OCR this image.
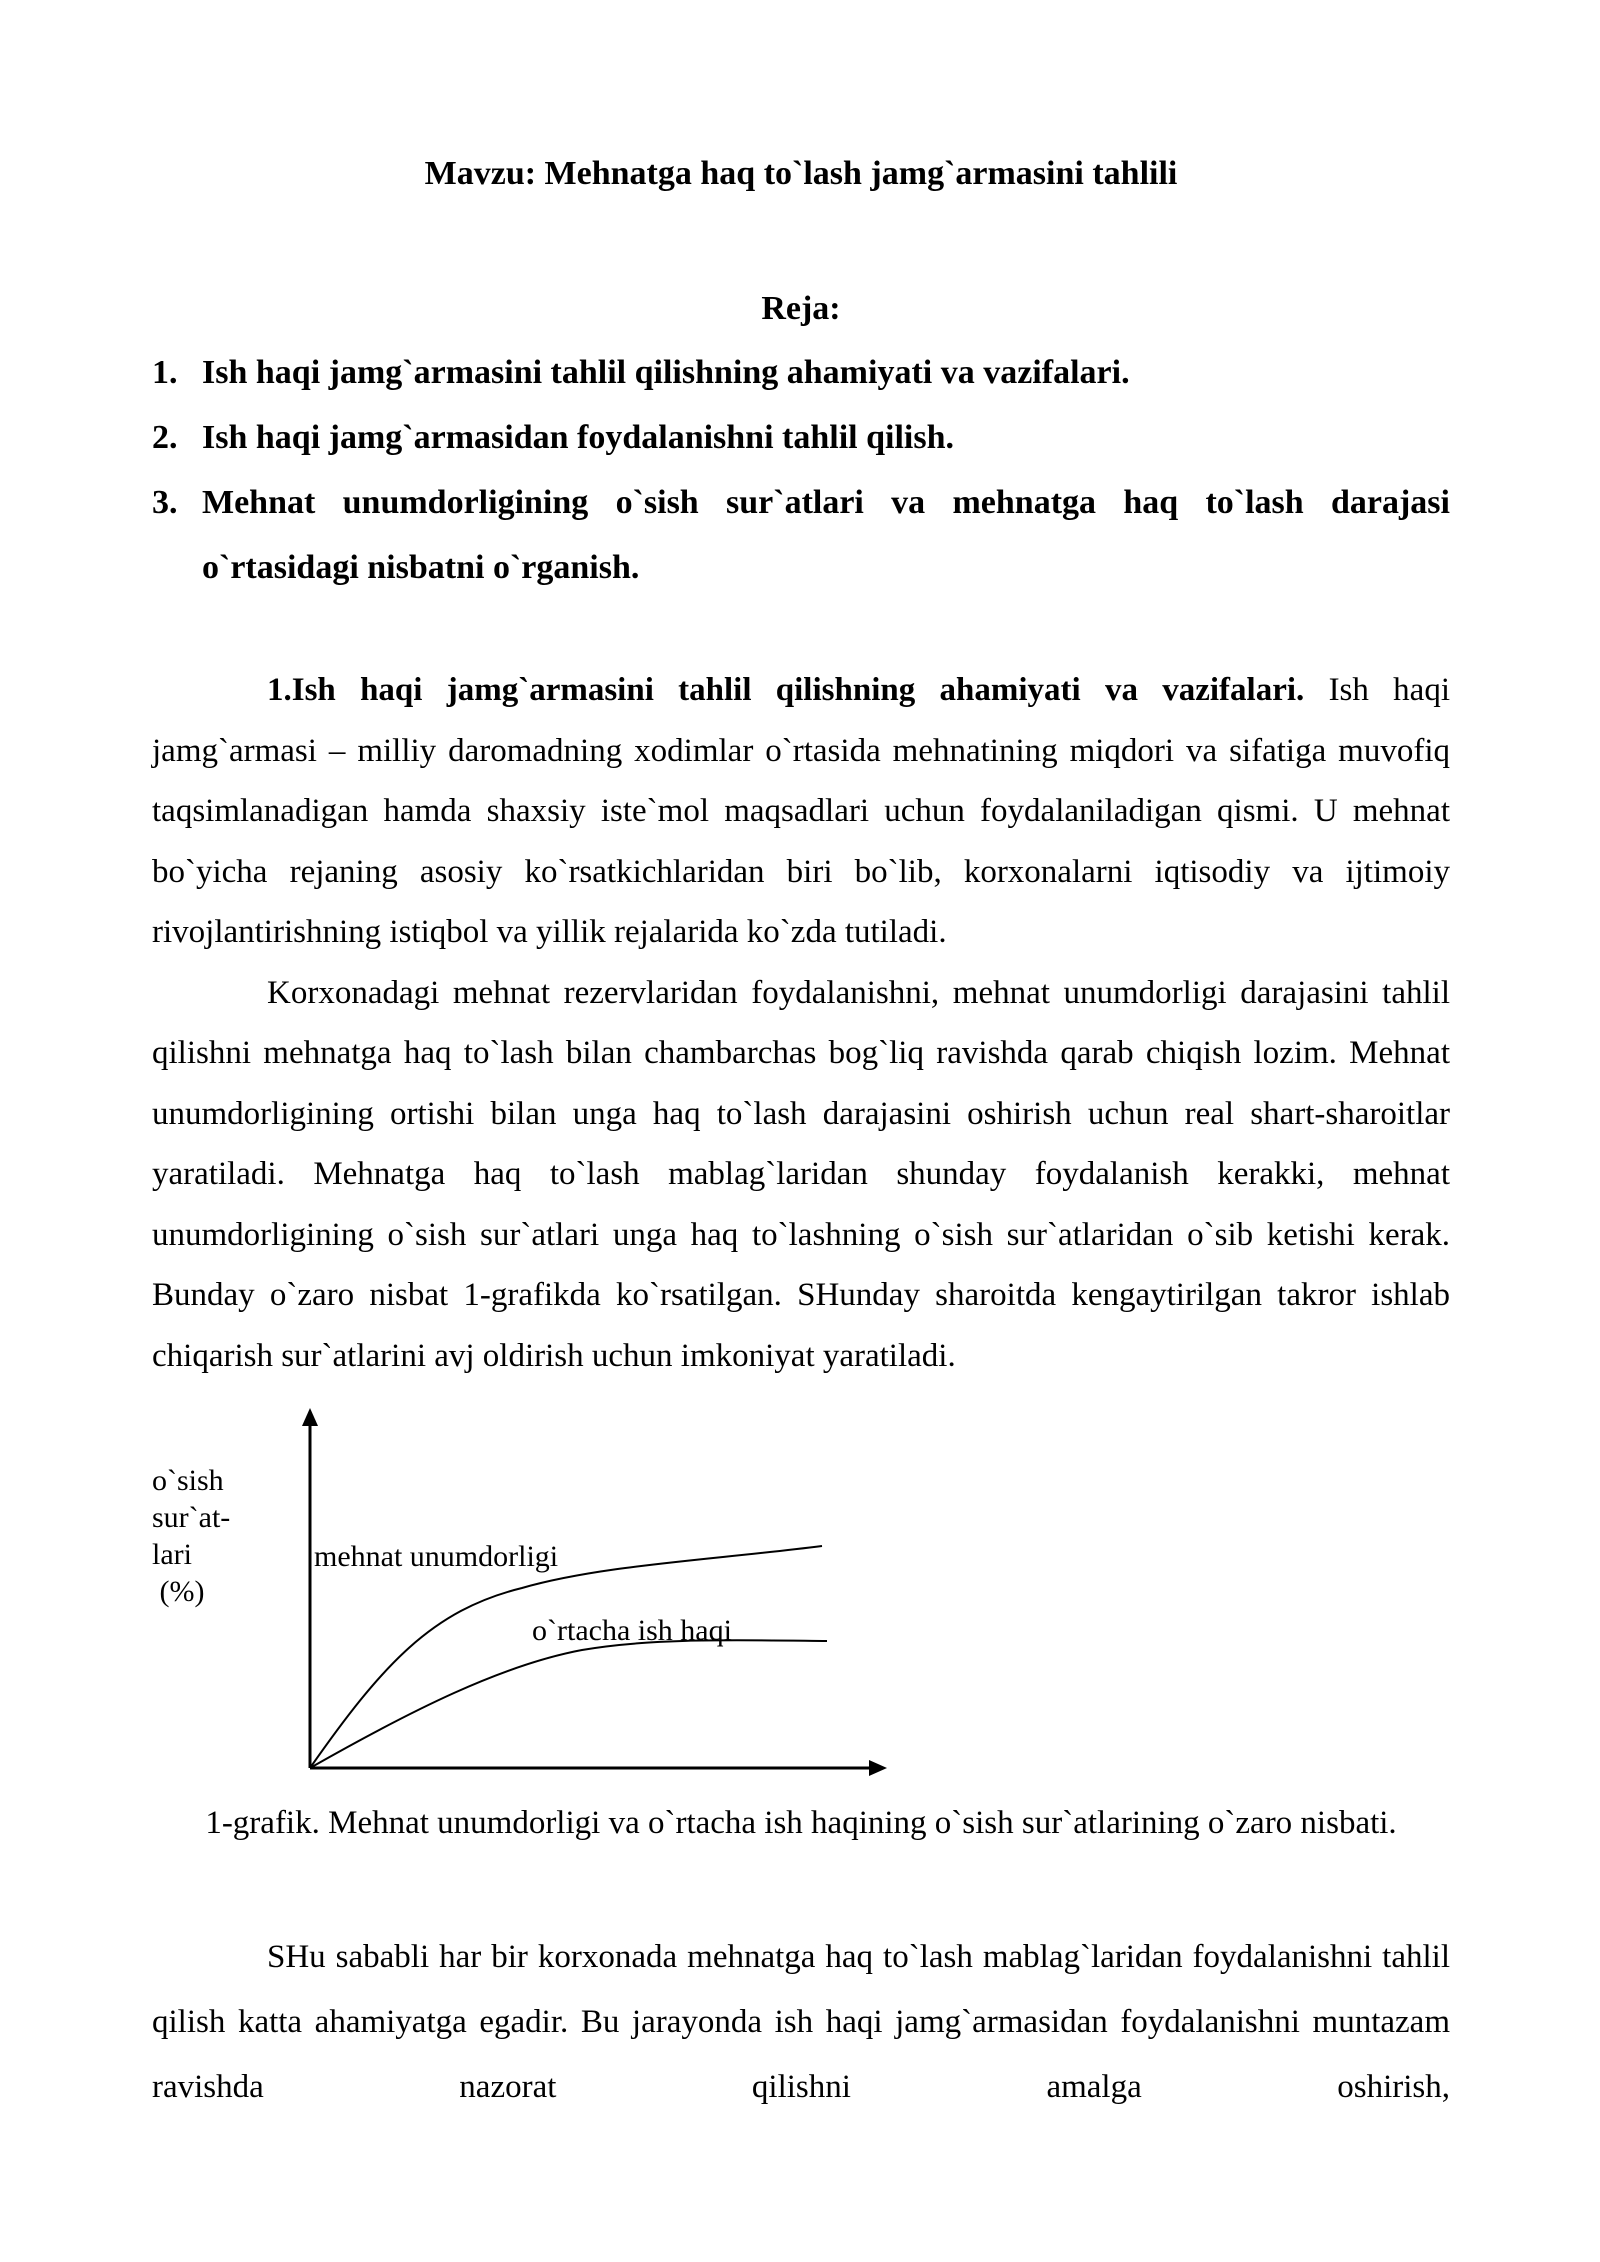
Mavzu: Mehnatga haq to`lash jamg`armasini tahlili
Reja:
1. Ish haqi jamg`armasini tahlil qilishning ahamiyati va vazifalari.
2. Ish haqi jamg`armasidan foydalanishni tahlil qilish.
3. Mehnat unumdorligining o`sish sur`atlari va mehnatga haq to`lash darajasi o`rtasidagi nisbatni o`rganish.

1.Ish haqi jamg`armasini tahlil qilishning ahamiyati va vazifalari. Ish haqi jamg`armasi – milliy daromadning xodimlar o`rtasida mehnatining miqdori va sifatiga muvofiq taqsimlanadigan hamda shaxsiy iste`mol maqsadlari uchun foydalaniladigan qismi. U mehnat bo`yicha rejaning asosiy ko`rsatkichlaridan biri bo`lib, korxonalarni iqtisodiy va ijtimoiy rivojlantirishning istiqbol va yillik rejalarida ko`zda tutiladi.

Korxonadagi mehnat rezervlaridan foydalanishni, mehnat unumdorligi darajasini tahlil qilishni mehnatga haq to`lash bilan chambarchas bog`liq ravishda qarab chiqish lozim. Mehnat unumdorligining ortishi bilan unga haq to`lash darajasini oshirish uchun real shart-sharoitlar yaratiladi. Mehnatga haq to`lash mablag`laridan shunday foydalanish kerakki, mehnat unumdorligining o`sish sur`atlari unga haq to`lashning o`sish sur`atlaridan o`sib ketishi kerak. Bunday o`zaro nisbat 1-grafikda ko`rsatilgan. SHunday sharoitda kengaytirilgan takror ishlab chiqarish sur`atlarini avj oldirish uchun imkoniyat yaratiladi.

o`sish
sur`at-
lari
(%)
mehnat unumdorligi
o`rtacha ish haqi
1-grafik. Mehnat unumdorligi va o`rtacha ish haqining o`sish sur`atlarining o`zaro nisbati.

SHu sababli har bir korxonada mehnatga haq to`lash mablag`laridan foydalanishni tahlil qilish katta ahamiyatga egadir. Bu jarayonda ish haqi jamg`armasidan foydalanishni muntazam ravishda nazorat qilishni amalga oshirish,
